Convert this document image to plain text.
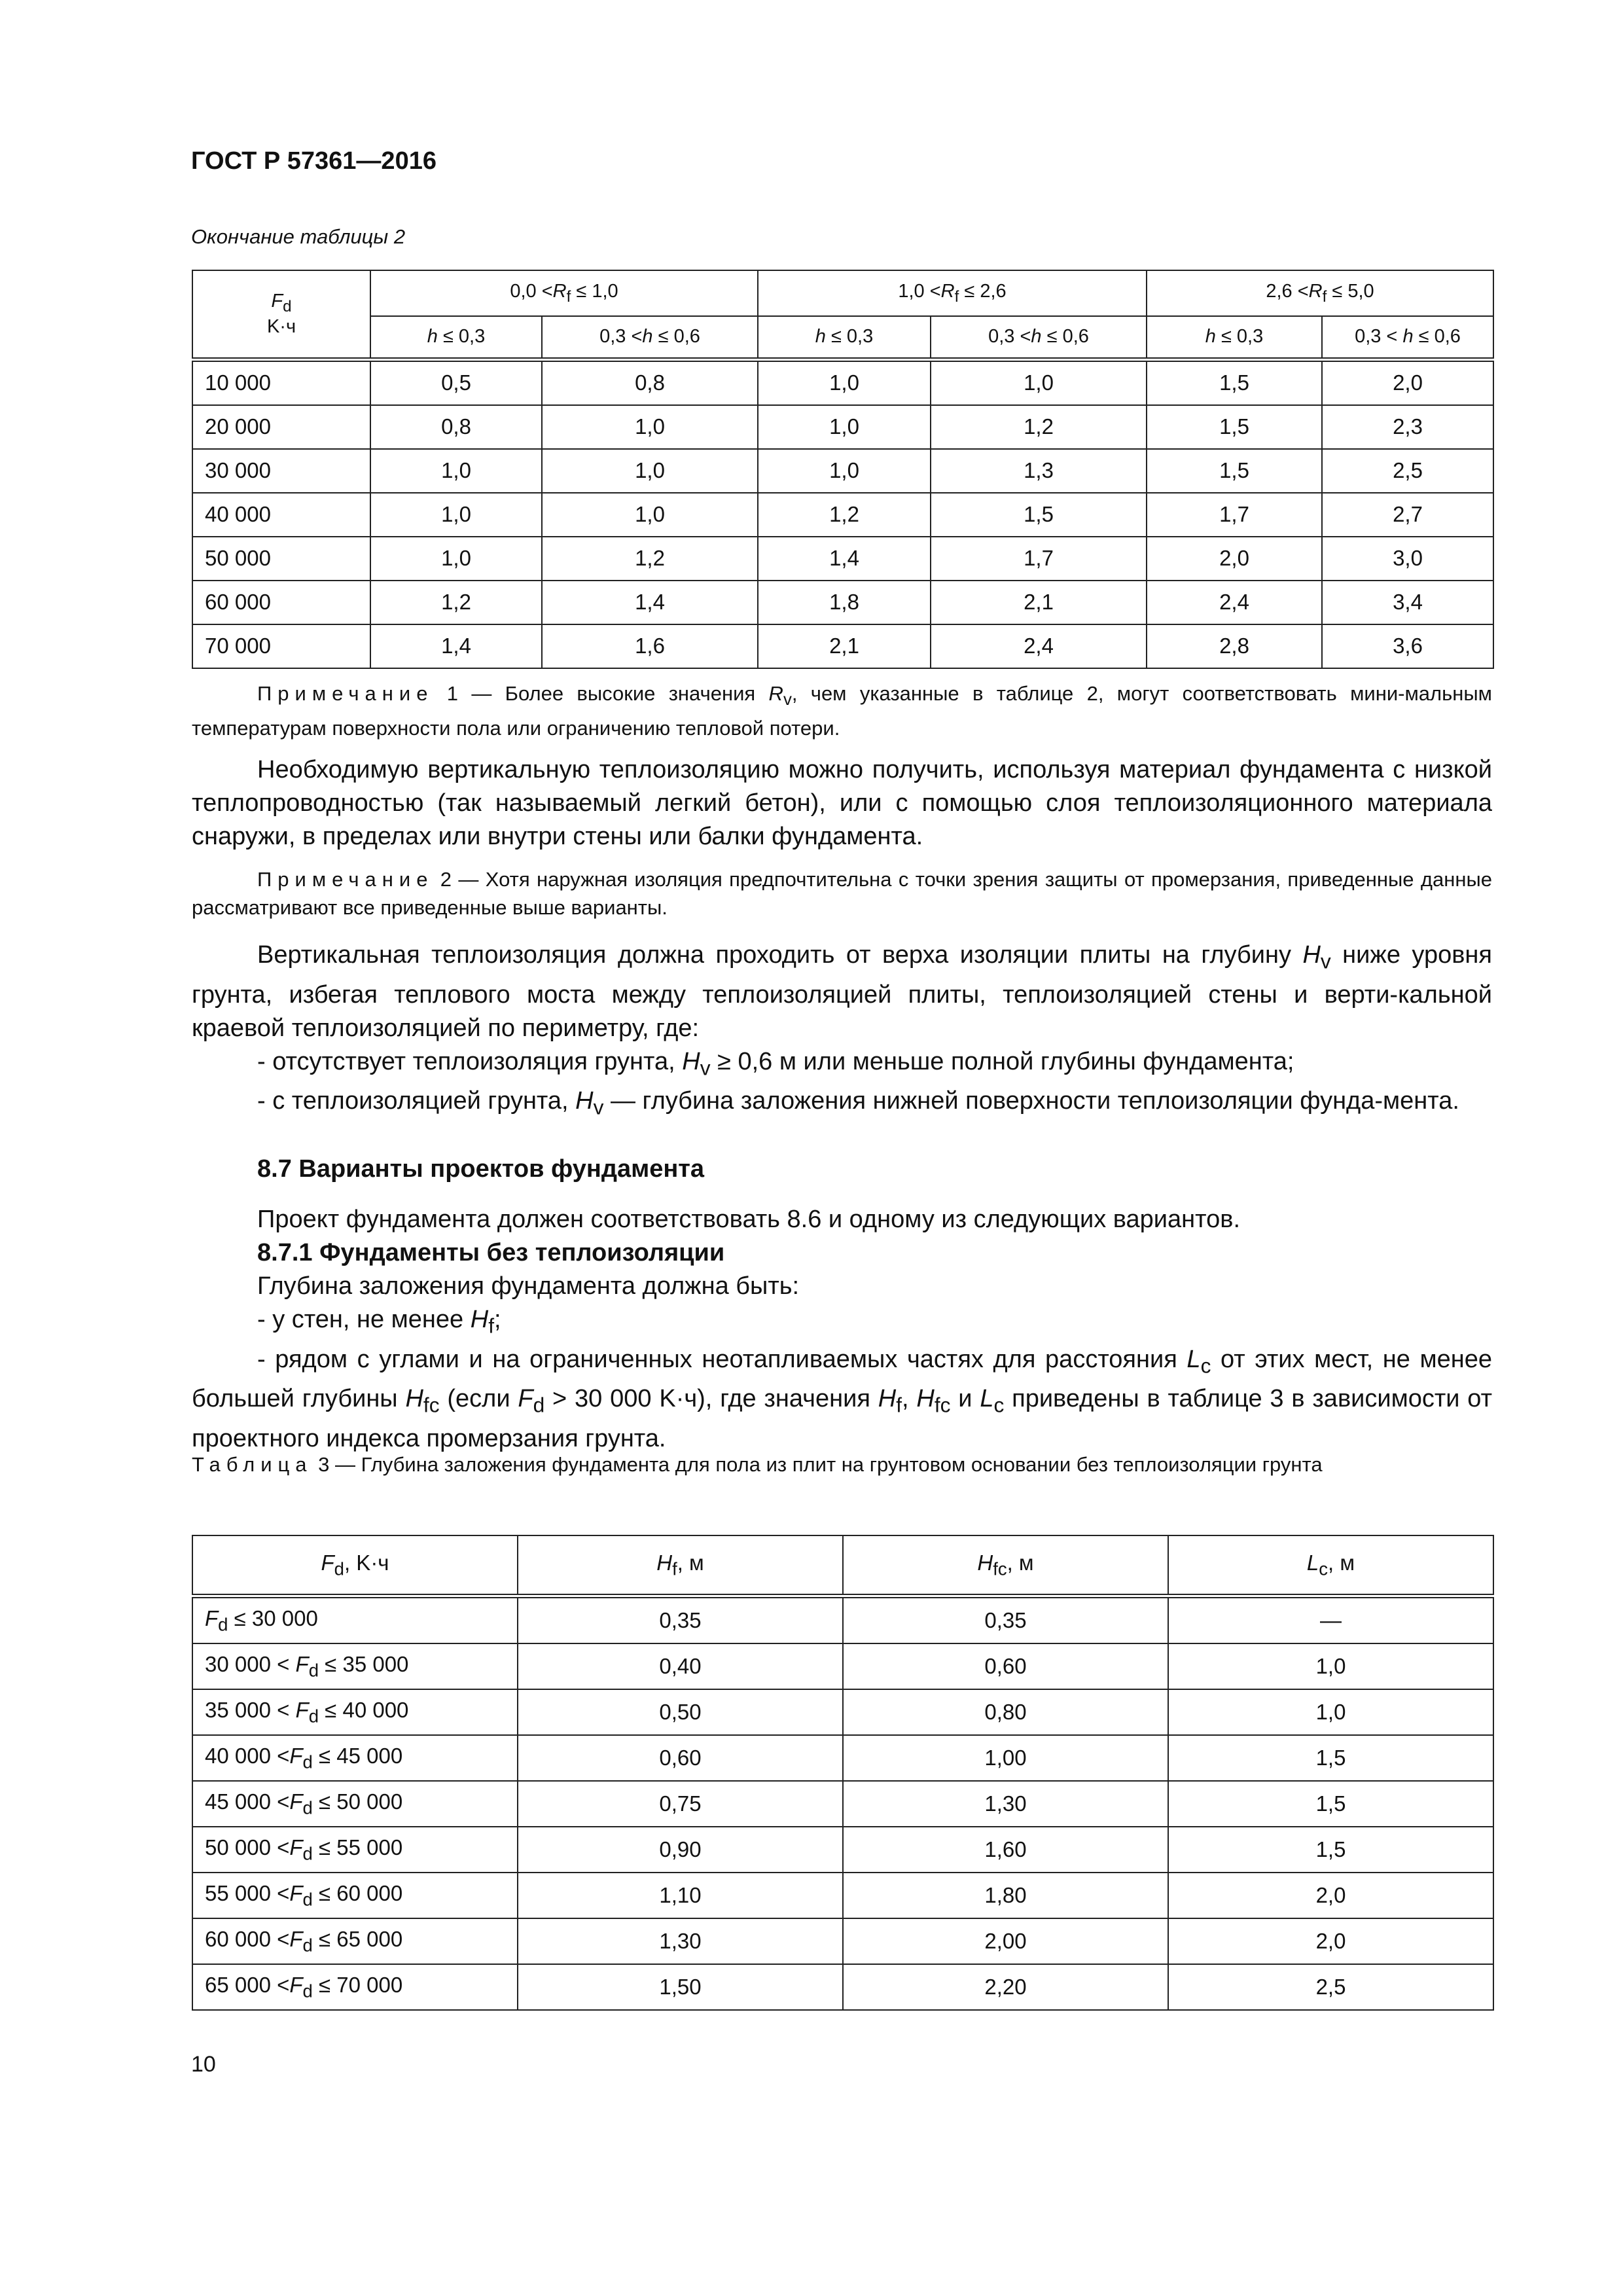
ГОСТ Р 57361—2016
Окончание таблицы 2
$F_d$
K·ч	$0,0 <R_f \le 1,0$		$1,0 <R_f \le 2,6$		$2,6 <R_f \le 5,0$	
	h ≤ 0,3	0,3 <h ≤ 0,6	h ≤ 0,3	0,3 <h ≤ 0,6	h ≤ 0,3	0,3 < h ≤ 0,6
10 000	0,5	0,8	1,0	1,0	1,5	2,0
20 000	0,8	1,0	1,0	1,2	1,5	2,3
30 000	1,0	1,0	1,0	1,3	1,5	2,5
40 000	1,0	1,0	1,2	1,5	1,7	2,7
50 000	1,0	1,2	1,4	1,7	2,0	3,0
60 000	1,2	1,4	1,8	2,1	2,4	3,4
70 000	1,4	1,6	2,1	2,4	2,8	3,6

Примечание 1 — Более высокие значения $R_v$, чем указанные в таблице 2, могут соответствовать мини-мальным температурам поверхности пола или ограничению тепловой потери.

Необходимую вертикальную теплоизоляцию можно получить, используя материал фундамента с низкой теплопроводностью (так называемый легкий бетон), или с помощью слоя теплоизоляционного материала снаружи, в пределах или внутри стены или балки фундамента.

Примечание 2 — Хотя наружная изоляция предпочтительна с точки зрения защиты от промерзания, приведенные данные рассматривают все приведенные выше варианты.

Вертикальная теплоизоляция должна проходить от верха изоляции плиты на глубину $H_v$ ниже уровня грунта, избегая теплового моста между теплоизоляцией плиты, теплоизоляцией стены и верти-кальной краевой теплоизоляцией по периметру, где:

- отсутствует теплоизоляция грунта, $H_v \ge 0,6$ м или меньше полной глубины фундамента;

- с теплоизоляцией грунта, $H_v$ — глубина заложения нижней поверхности теплоизоляции фунда-мента.

8.7 Варианты проектов фундамента

Проект фундамента должен соответствовать 8.6 и одному из следующих вариантов.

8.7.1 Фундаменты без теплоизоляции

Глубина заложения фундамента должна быть:

- у стен, не менее $H_f$;

- рядом с углами и на ограниченных неотапливаемых частях для расстояния $L_c$ от этих мест, не менее большей глубины $H_{fc}$ (если $F_d > 30$ 000 K·ч), где значения $H_f$, $H_{fc}$ и $L_c$ приведены в таблице 3 в зависимости от проектного индекса промерзания грунта.

Таблица 3 — Глубина заложения фундамента для пола из плит на грунтовом основании без теплоизоляции грунта

$F_d$, K·ч	$H_f$, м	$H_{fc}$, м	$L_c$, м
$F_d \le 30$ 000	0,35	0,35	—
30 $000 < F_d \le 35$ 000	0,40	0,60	1,0
35 $000 < F_d \le 40$ 000	0,50	0,80	1,0
40 $000 <F_d \le 45$ 000	0,60	1,00	1,5
45 $000 <F_d \le 50$ 000	0,75	1,30	1,5
50 $000 <F_d \le 55$ 000	0,90	1,60	1,5
55 $000 <F_d \le 60$ 000	1,10	1,80	2,0
60 $000 <F_d \le 65$ 000	1,30	2,00	2,0
65 $000 <F_d \le 70$ 000	1,50	2,20	2,5
10
